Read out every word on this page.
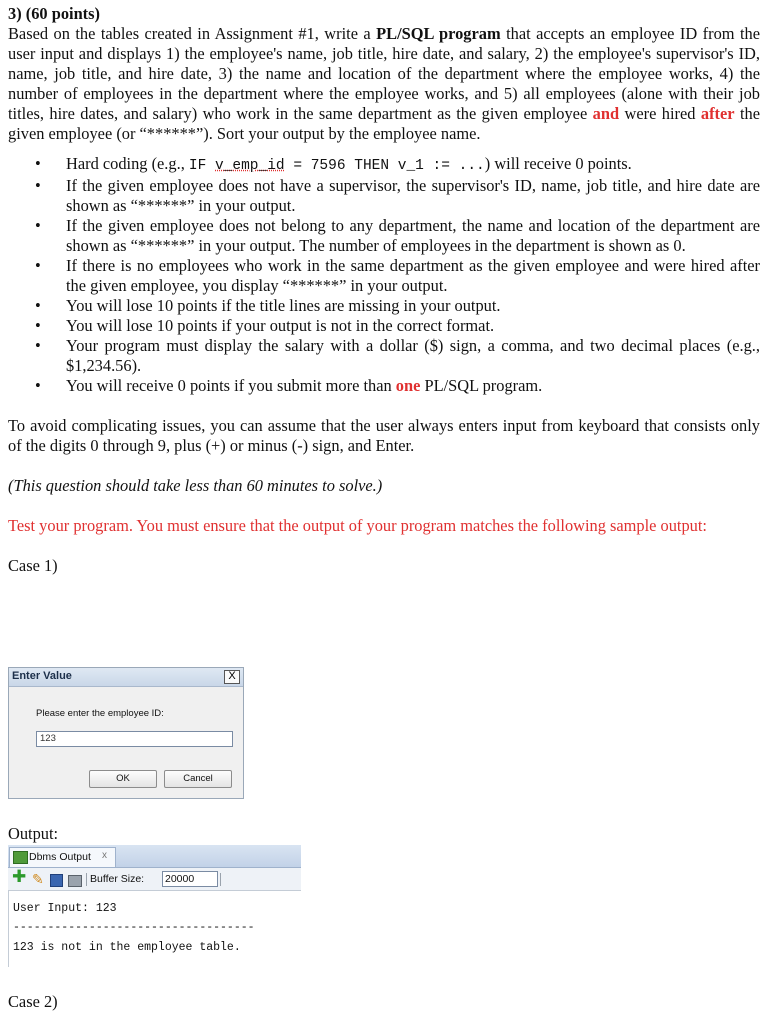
3) (60 points)

Based on the tables created in Assignment #1, write a PL/SQL program that accepts an employee ID from the user input and displays 1) the employee's name, job title, hire date, and salary, 2) the employee's supervisor's ID, name, job title, and hire date, 3) the name and location of the department where the employee works, 4) the number of employees in the department where the employee works, and 5) all employees (alone with their job titles, hire dates, and salary) who work in the same department as the given employee and were hired after the given employee (or “******”). Sort your output by the employee name.

• Hard coding (e.g., IF v_emp_id = 7596 THEN v_1 := ...) will receive 0 points.
• If the given employee does not have a supervisor, the supervisor's ID, name, job title, and hire date are shown as “******” in your output.
• If the given employee does not belong to any department, the name and location of the department are shown as “******” in your output. The number of employees in the department is shown as 0.
• If there is no employees who work in the same department as the given employee and were hired after the given employee, you display “******” in your output.
• You will lose 10 points if the title lines are missing in your output.
• You will lose 10 points if your output is not in the correct format.
• Your program must display the salary with a dollar ($) sign, a comma, and two decimal places (e.g., $1,234.56).
• You will receive 0 points if you submit more than one PL/SQL program.

To avoid complicating issues, you can assume that the user always enters input from keyboard that consists only of the digits 0 through 9, plus (+) or minus (-) sign, and Enter.

(This question should take less than 60 minutes to solve.)

Test your program. You must ensure that the output of your program matches the following sample output:

Case 1)

Enter Value	X
Please enter the employee ID:
123
OK	Cancel
Output:
Dbms Output x
✚ ✎	Buffer Size: 20000
User Input: 123
-----------------------------------
123 is not in the employee table.
Case 2)
